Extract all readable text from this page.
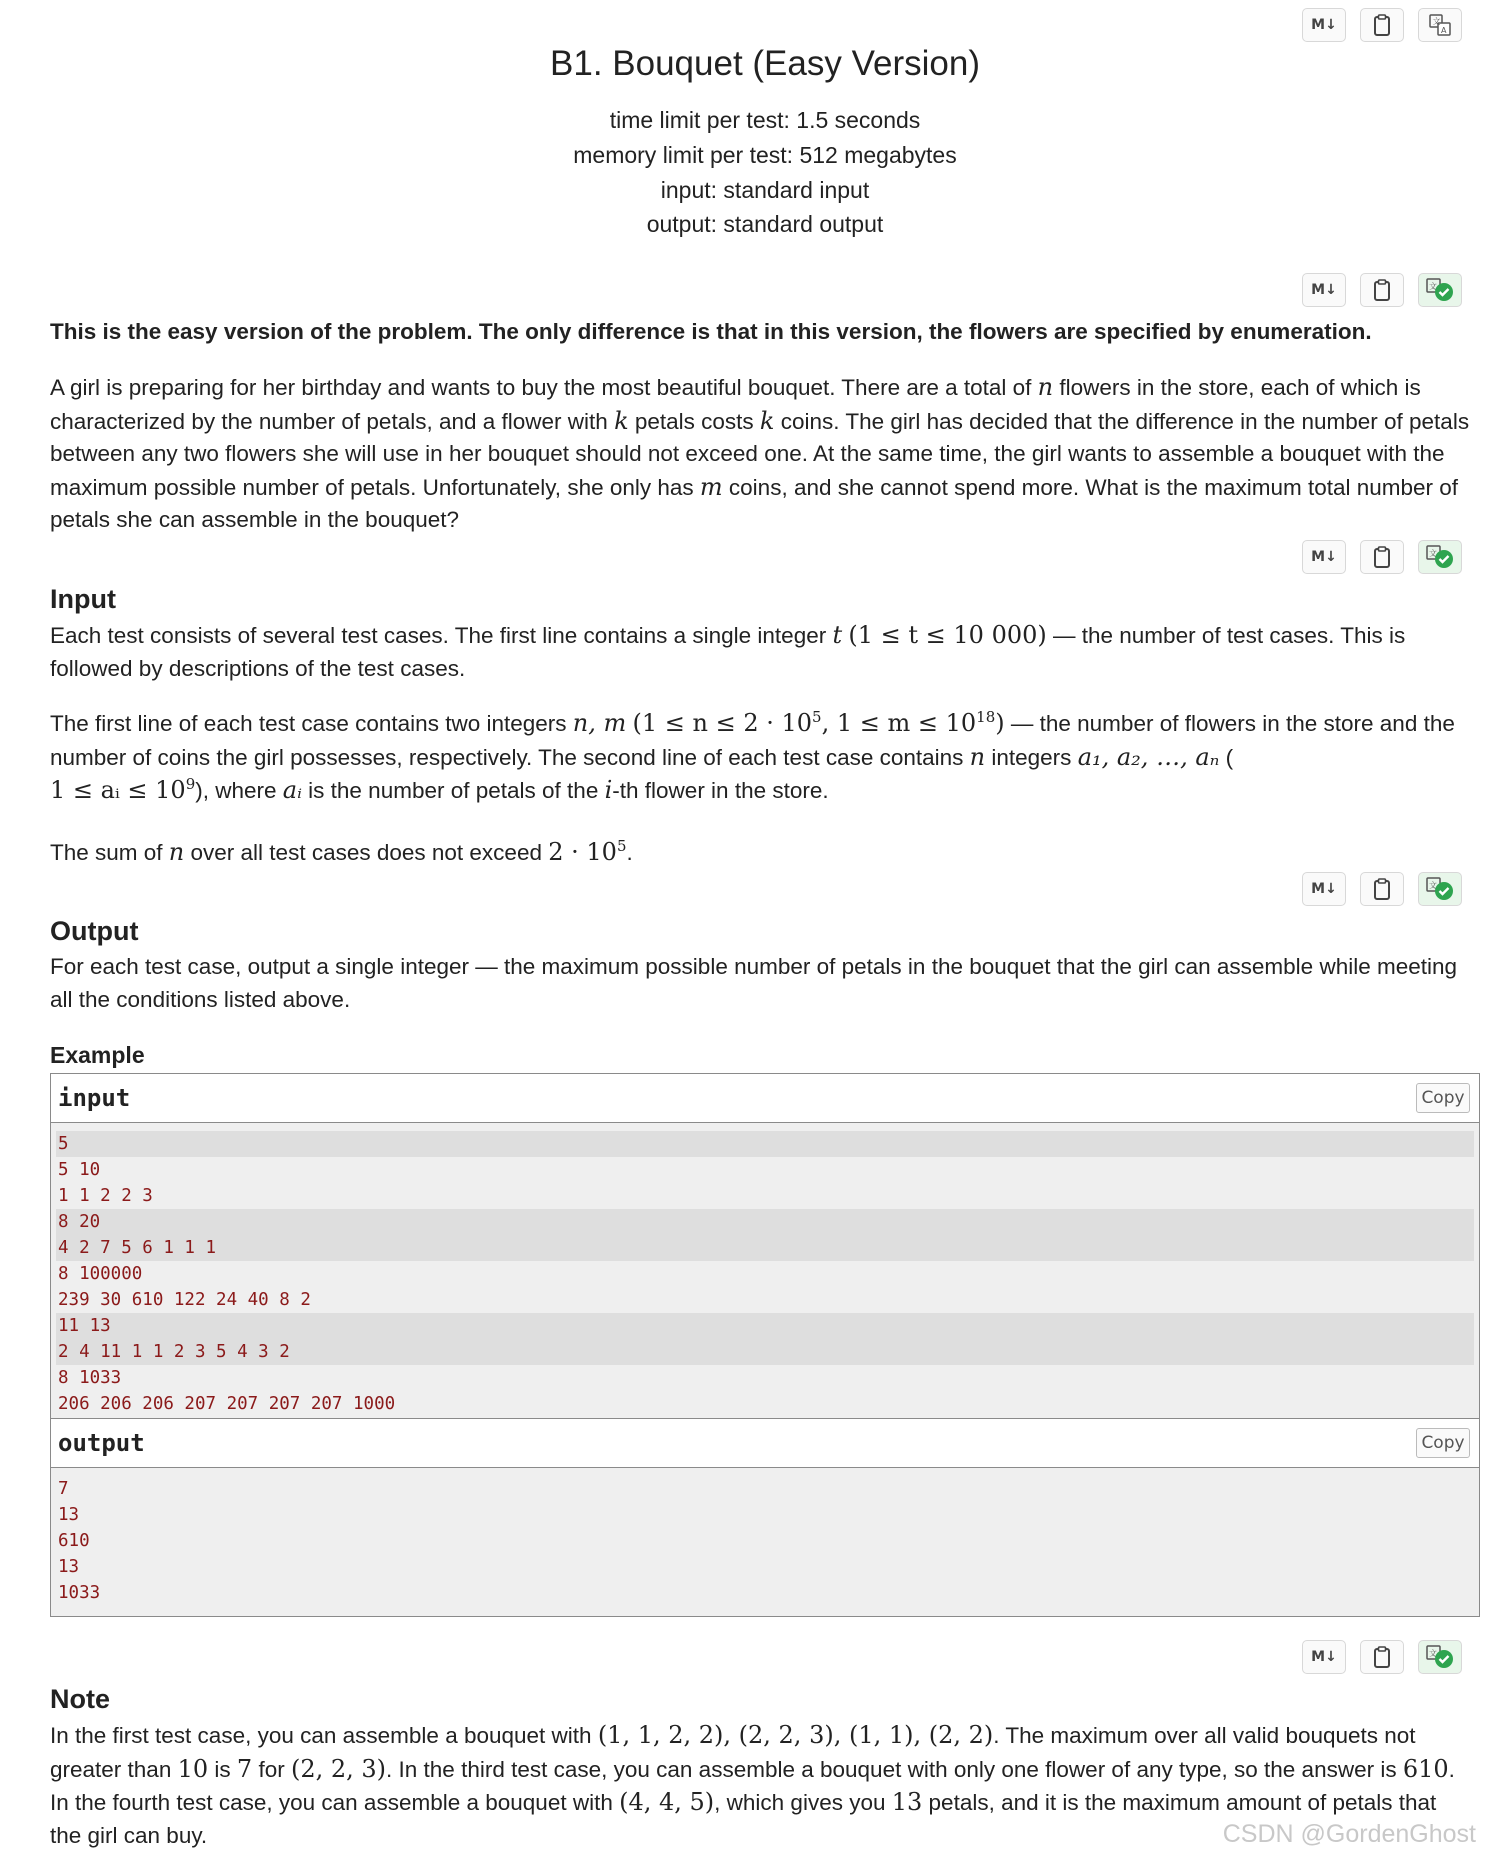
M↓	文
A
B1. Bouquet (Easy Version)
time limit per test: 1.5 seconds
memory limit per test: 512 megabytes
input: standard input
output: standard output
M↓	文
This is the easy version of the problem. The only difference is that in this version, the flowers are specified by enumeration.
A girl is preparing for her birthday and wants to buy the most beautiful bouquet. There are a total of n flowers in the store, each of which is characterized by the number of petals, and a flower with k petals costs k coins. The girl has decided that the difference in the number of petals between any two flowers she will use in her bouquet should not exceed one. At the same time, the girl wants to assemble a bouquet with the maximum possible number of petals. Unfortunately, she only has m coins, and she cannot spend more. What is the maximum total number of petals she can assemble in the bouquet?
M↓	文
Input
Each test consists of several test cases. The first line contains a single integer t (1 ≤ t ≤ 10 000) — the number of test cases. This is followed by descriptions of the test cases.
The first line of each test case contains two integers n, m ($1 \le n \le 2 \cdot 10^5$, $1 \le m \le 10^{18}$) — the number of flowers in the store and the number of coins the girl possesses, respectively. The second line of each test case contains n integers a₁, a₂, …, aₙ (
1 ≤ aᵢ ≤ $10^9$), where aᵢ is the number of petals of the i-th flower in the store.
The sum of n over all test cases does not exceed $2 \cdot 10^5$.
M↓	文
Output
For each test case, output a single integer — the maximum possible number of petals in the bouquet that the girl can assemble while meeting all the conditions listed above.
Example
input	Copy
5
5 10
1 1 2 2 3
8 20
4 2 7 5 6 1 1 1
8 100000
239 30 610 122 24 40 8 2
11 13
2 4 11 1 1 2 3 5 4 3 2
8 1033
206 206 206 207 207 207 207 1000
output	Copy
7
13
610
13
1033
M↓	文
Note
In the first test case, you can assemble a bouquet with (1, 1, 2, 2), (2, 2, 3), (1, 1), (2, 2). The maximum over all valid bouquets not greater than 10 is 7 for (2, 2, 3). In the third test case, you can assemble a bouquet with only one flower of any type, so the answer is 610. In the fourth test case, you can assemble a bouquet with (4, 4, 5), which gives you 13 petals, and it is the maximum amount of petals that the girl can buy.	CSDN @GordenGhost
